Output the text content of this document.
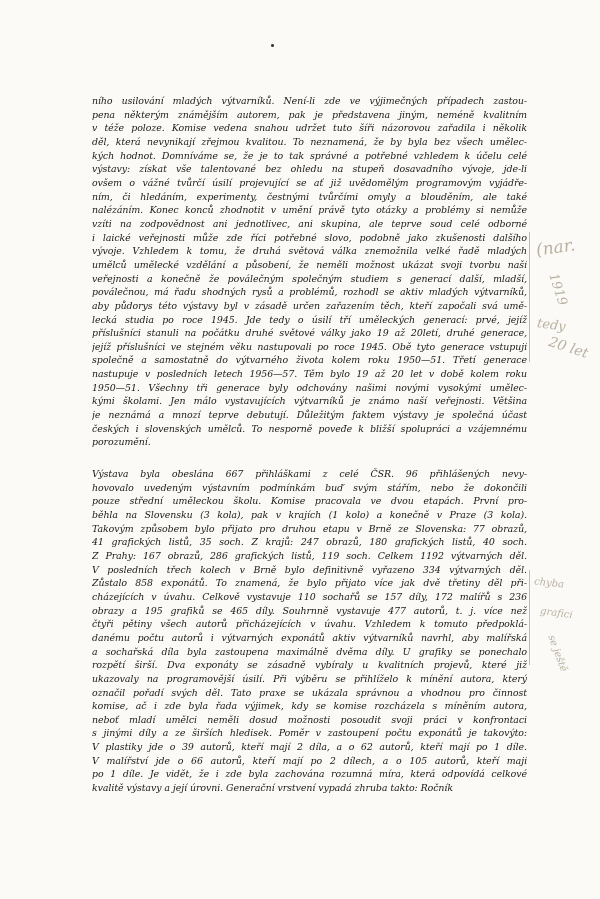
ního usilování mladých výtvarníků. Není-li zde ve výjimečných případech zastou-
pena některým známějším autorem, pak je představena jiným, neméně kvalitním
v téže poloze. Komise vedena snahou udržet tuto šíři názorovou zařadila i několik
děl, která nevynikají zřejmou kvalitou. To neznamená, že by byla bez všech umělec-
kých hodnot. Domníváme se, že je to tak správné a potřebné vzhledem k účelu celé
výstavy: získat vše talentované bez ohledu na stupeň dosavadního vývoje, jde-li
ovšem o vážné tvůrčí úsilí projevující se ať již uvědomělým programovým vyjádře-
ním, či hledáním, experimenty, čestnými tvůrčími omyly a blouděním, ale také
nalézáním. Konec konců zhodnotit v umění právě tyto otázky a problémy si nemůže
vzíti na zodpovědnost ani jednotlivec, ani skupina, ale teprve soud celé odborné
i laické veřejnosti může zde říci potřebné slovo, podobně jako zkušenosti dalšího
vývoje. Vzhledem k tomu, že druhá světová válka znemožnila velké řadě mladých
umělců umělecké vzdělání a působení, že neměli možnost ukázat svoji tvorbu naší
veřejnosti a konečně že poválečným společným studiem s generací další, mladší,
poválečnou, má řadu shodných rysů a problémů, rozhodl se aktiv mladých výtvarníků,
aby půdorys této výstavy byl v zásadě určen zařazením těch, kteří započali svá umě-
lecká studia po roce 1945. Jde tedy o úsilí tří uměleckých generací: prvé, jejíž
příslušníci stanuli na počátku druhé světové války jako 19 až 20letí, druhé generace,
jejíž příslušníci ve stejném věku nastupovali po roce 1945. Obě tyto generace vstupují
společně a samostatně do výtvarného života kolem roku 1950—51. Třetí generace
nastupuje v posledních letech 1956—57. Těm bylo 19 až 20 let v době kolem roku
1950—51. Všechny tři generace byly odchovány našimi novými vysokými umělec-
kými školami. Jen málo vystavujících výtvarníků je známo naší veřejnosti. Většina
je neznámá a mnozí teprve debutují. Důležitým faktem výstavy je společná účast
českých i slovenských umělců. To nesporně poveđe k bližší spolupráci a vzájemnému
porozumění.
Výstava byla obeslána 667 přihláškami z celé ČSR. 96 přihlášených nevy-
hovovalo uvedeným výstavním podmínkám buď svým stářím, nebo že dokončili
pouze střední uměleckou školu. Komise pracovala ve dvou etapách. První pro-
běhla na Slovensku (3 kola), pak v krajích (1 kolo) a konečně v Praze (3 kola).
Takovým způsobem bylo přijato pro druhou etapu v Brně ze Slovenska: 77 obrazů,
41 grafických listů, 35 soch. Z krajů: 247 obrazů, 180 grafických listů, 40 soch.
Z Prahy: 167 obrazů, 286 grafických listů, 119 soch. Celkem 1192 výtvarných děl.
V posledních třech kolech v Brně bylo definitivně vyřazeno 334 výtvarných děl.
Zůstalo 858 exponátů. To znamená, že bylo přijato více jak dvě třetiny děl při-
cházejících v úvahu. Celkově vystavuje 110 sochařů se 157 díly, 172 malířů s 236
obrazy a 195 grafiků se 465 díly. Souhrnně vystavuje 477 autorů, t. j. více než
čtyři pětiny všech autorů přicházejících v úvahu. Vzhledem k tomuto předpoklá-
danému počtu autorů i výtvarných exponátů aktiv výtvarníků navrhl, aby malířská
a sochařská díla byla zastoupena maximálně dvěma díly. U grafiky se ponechalo
rozpětí širší. Dva exponáty se zásadně vybíraly u kvalitních projevů, které již
ukazovaly na programovější úsilí. Při výběru se přihlíželo k mínění autora, který
označil pořadí svých děl. Tato praxe se ukázala správnou a vhodnou pro činnost
komise, ač i zde byla řada výjimek, kdy se komise rozcházela s míněním autora,
neboť mladí umělci neměli dosud možnosti posoudit svoji práci v konfrontaci
s jinými díly a ze širších hledisek. Poměr v zastoupení počtu exponátů je takovýto:
V plastiky jde o 39 autorů, kteří mají 2 díla, a o 62 autorů, kteří mají po 1 díle.
V malířství jde o 66 autorů, kteří mají po 2 dílech, a o 105 autorů, kteří mají
po 1 díle. Je vidět, že i zde byla zachována rozumná míra, která odpovídá celkové
kvalitě výstavy a její úrovni. Generační vrstvení vypadá zhruba takto: Ročník
(nar.
1919
tedy
20 let
chyba
grafici
se ještě
